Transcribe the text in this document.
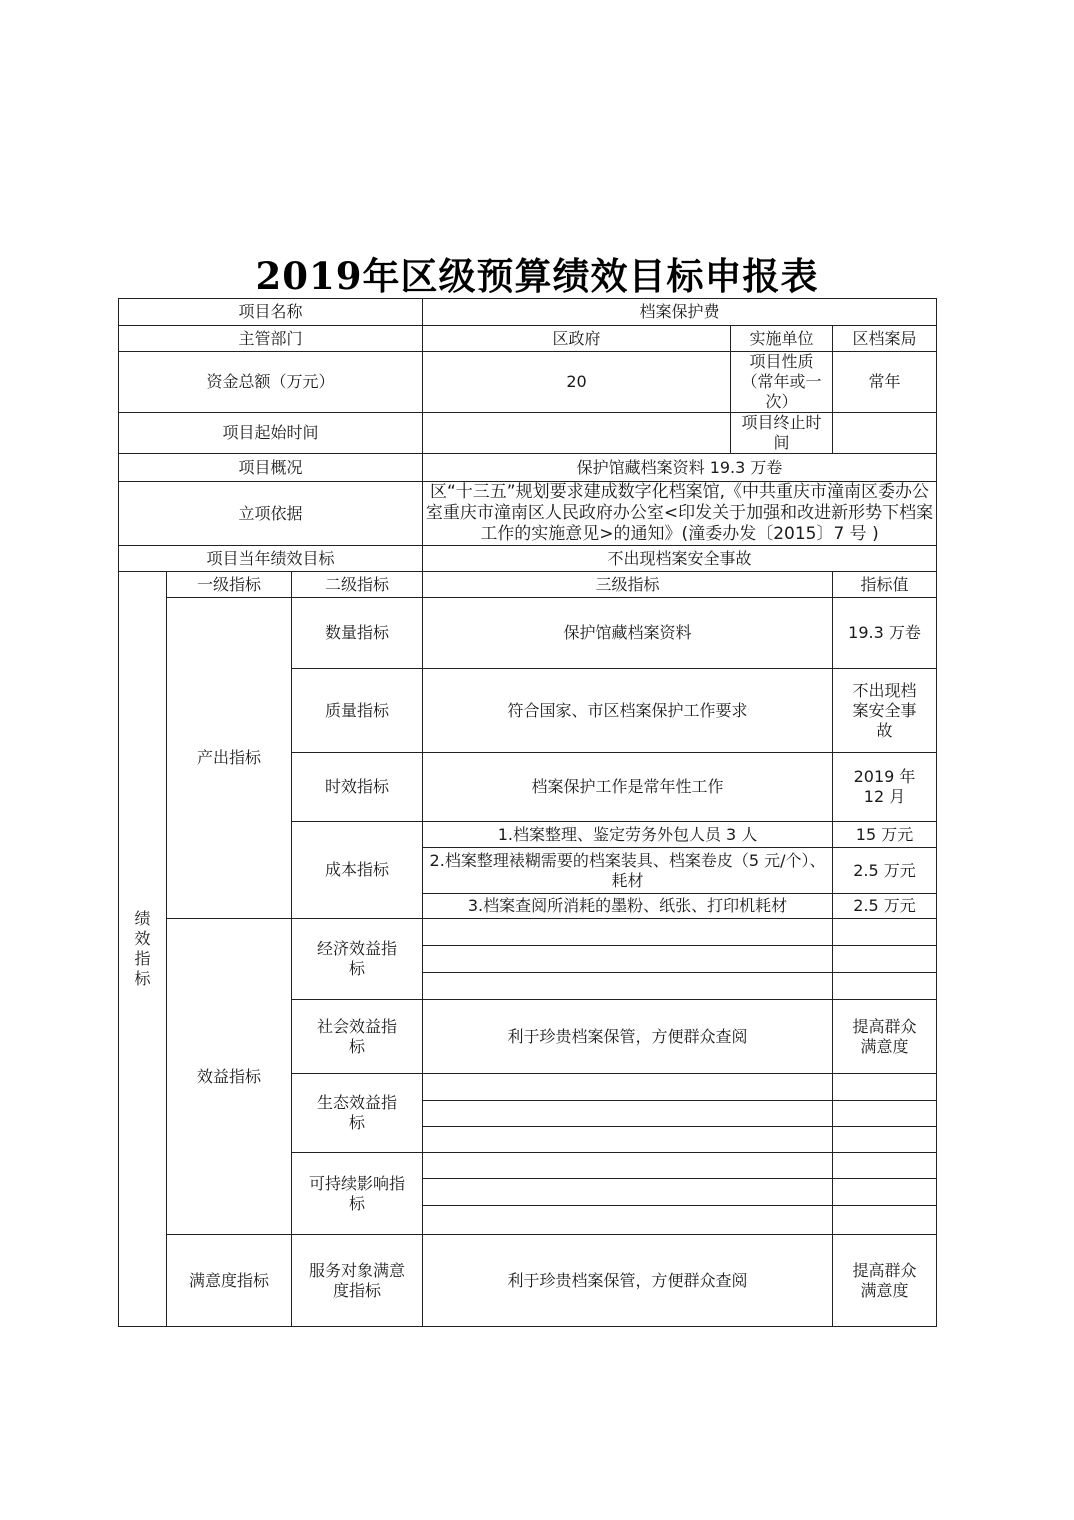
2019年区级预算绩效目标申报表
项目名称			档案保护费		
主管部门			区政府	实施单位	区档案局
资金总额（万元）			20	项目性质（常年或一次）	常年
项目起始时间				项目终止时间	
项目概况			保护馆藏档案资料 19.3 万卷		
立项依据			区“十三五”规划要求建成数字化档案馆,《中共重庆市潼南区委办公室重庆市潼南区人民政府办公室<印发关于加强和改进新形势下档案工作的实施意见>的通知》(潼委办发〔2015〕7 号 )		
项目当年绩效目标			不出现档案安全事故		

绩
效
指
标	一级指标	二级指标	三级指标		指标值
	产出指标	数量指标	保护馆藏档案资料		19.3 万卷
		质量指标	符合国家、市区档案保护工作要求		不出现档案安全事故
		时效指标	档案保护工作是常年性工作		2019 年 12 月
		成本指标	1.档案整理、鉴定劳务外包人员 3 人		15 万元
			2.档案整理裱糊需要的档案装具、档案卷皮（5 元/个）、耗材		2.5 万元
			3.档案查阅所消耗的墨粉、纸张、打印机耗材		2.5 万元
	效益指标	经济效益指标			

		社会效益指标	利于珍贵档案保管，方便群众查阅		提高群众满意度
		生态效益指标			

		可持续影响指标			

	满意度指标	服务对象满意度指标	利于珍贵档案保管，方便群众查阅		提高群众满意度
